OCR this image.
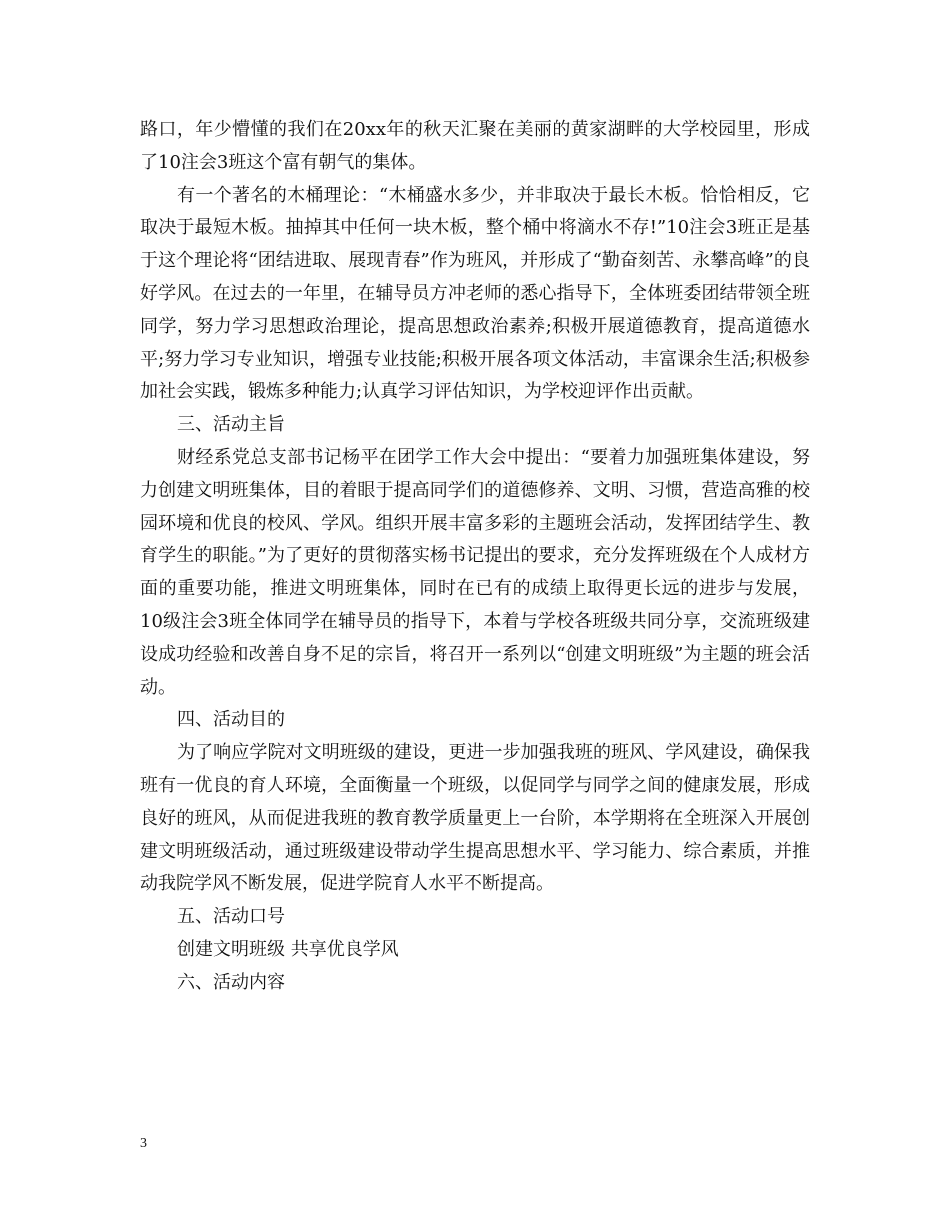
路口，年少懵懂的我们在20xx年的秋天汇聚在美丽的黄家湖畔的大学校园里，形成了10注会3班这个富有朝气的集体。

有一个著名的木桶理论：“木桶盛水多少，并非取决于最长木板。恰恰相反，它取决于最短木板。抽掉其中任何一块木板，整个桶中将滴水不存!”10注会3班正是基于这个理论将“团结进取、展现青春”作为班风，并形成了“勤奋刻苦、永攀高峰”的良好学风。在过去的一年里，在辅导员方冲老师的悉心指导下，全体班委团结带领全班同学，努力学习思想政治理论，提高思想政治素养;积极开展道德教育，提高道德水平;努力学习专业知识，增强专业技能;积极开展各项文体活动，丰富课余生活;积极参加社会实践，锻炼多种能力;认真学习评估知识，为学校迎评作出贡献。

三、活动主旨

财经系党总支部书记杨平在团学工作大会中提出：“要着力加强班集体建设，努力创建文明班集体，目的着眼于提高同学们的道德修养、文明、习惯，营造高雅的校园环境和优良的校风、学风。组织开展丰富多彩的主题班会活动，发挥团结学生、教育学生的职能。”为了更好的贯彻落实杨书记提出的要求，充分发挥班级在个人成材方面的重要功能，推进文明班集体，同时在已有的成绩上取得更长远的进步与发展，10级注会3班全体同学在辅导员的指导下，本着与学校各班级共同分享，交流班级建设成功经验和改善自身不足的宗旨，将召开一系列以“创建文明班级”为主题的班会活动。

四、活动目的

为了响应学院对文明班级的建设，更进一步加强我班的班风、学风建设，确保我班有一优良的育人环境，全面衡量一个班级，以促同学与同学之间的健康发展，形成良好的班风，从而促进我班的教育教学质量更上一台阶，本学期将在全班深入开展创建文明班级活动，通过班级建设带动学生提高思想水平、学习能力、综合素质，并推动我院学风不断发展，促进学院育人水平不断提高。

五、活动口号

创建文明班级 共享优良学风

六、活动内容

3
